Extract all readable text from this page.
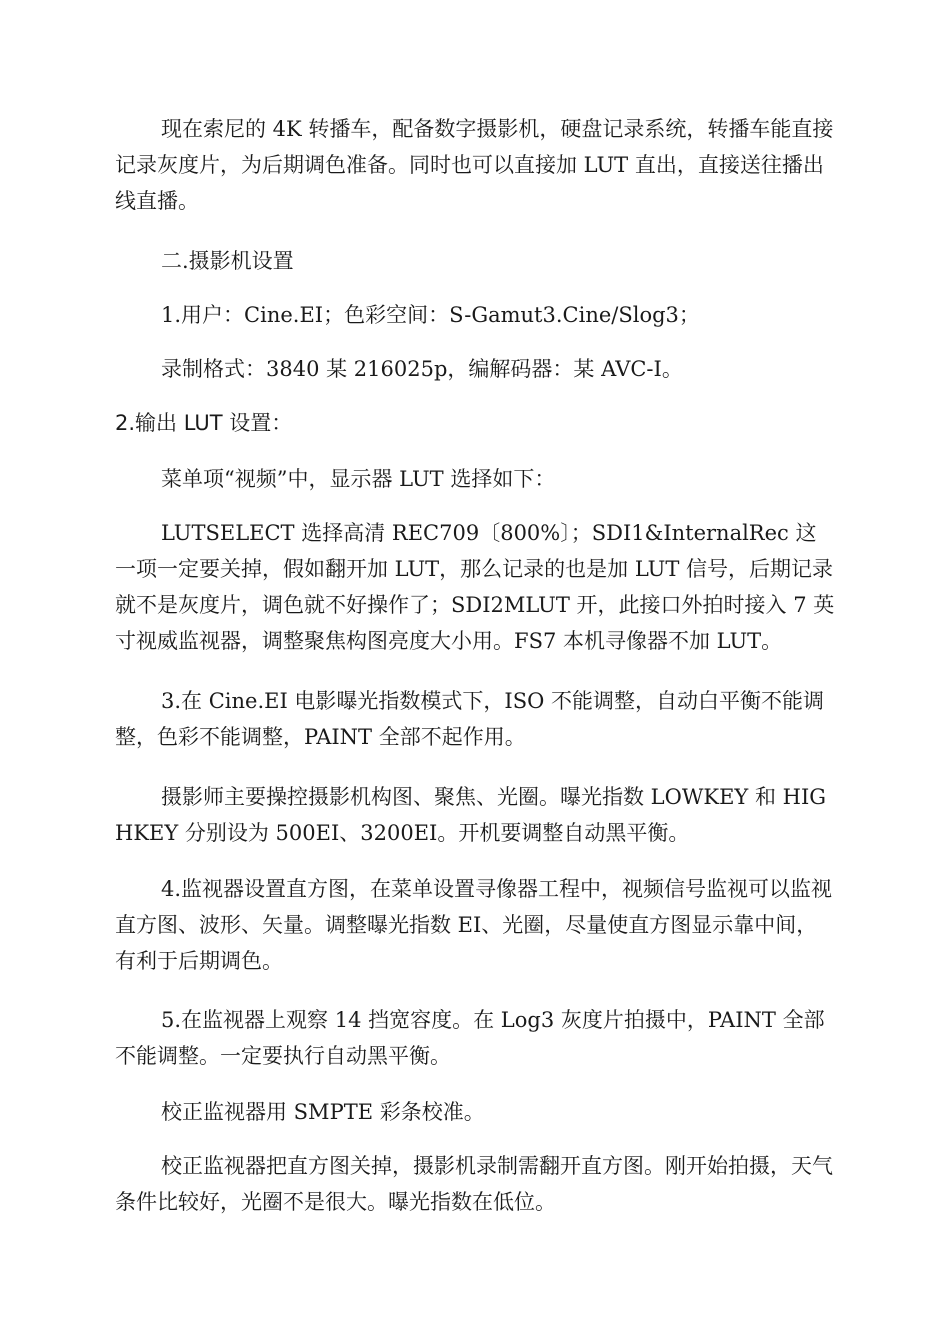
现在索尼的 4K 转播车，配备数字摄影机，硬盘记录系统，转播车能直接记录灰度片，为后期调色准备。同时也可以直接加 LUT 直出，直接送往播出线直播。

二.摄影机设置

1.用户：Cine.EI；色彩空间：S-Gamut3.Cine/Slog3；

录制格式：3840 某 216025p，编解码器：某 AVC-I。

2.输出 LUT 设置：

菜单项“视频”中，显示器 LUT 选择如下：

LUTSELECT 选择高清 REC709〔800%〕；SDI1&InternalRec 这一项一定要关掉，假如翻开加 LUT，那么记录的也是加 LUT 信号，后期记录就不是灰度片，调色就不好操作了；SDI2MLUT 开，此接口外拍时接入 7 英寸视威监视器，调整聚焦构图亮度大小用。FS7 本机寻像器不加 LUT。

3.在 Cine.EI 电影曝光指数模式下，ISO 不能调整，自动白平衡不能调整，色彩不能调整，PAINT 全部不起作用。

摄影师主要操控摄影机构图、聚焦、光圈。曝光指数 LOWKEY 和 HIGHKEY 分别设为 500EI、3200EI。开机要调整自动黑平衡。

4.监视器设置直方图，在菜单设置寻像器工程中，视频信号监视可以监视直方图、波形、矢量。调整曝光指数 EI、光圈，尽量使直方图显示靠中间，有利于后期调色。

5.在监视器上观察 14 挡宽容度。在 Log3 灰度片拍摄中，PAINT 全部不能调整。一定要执行自动黑平衡。

校正监视器用 SMPTE 彩条校准。

校正监视器把直方图关掉，摄影机录制需翻开直方图。刚开始拍摄，天气条件比较好，光圈不是很大。曝光指数在低位。
